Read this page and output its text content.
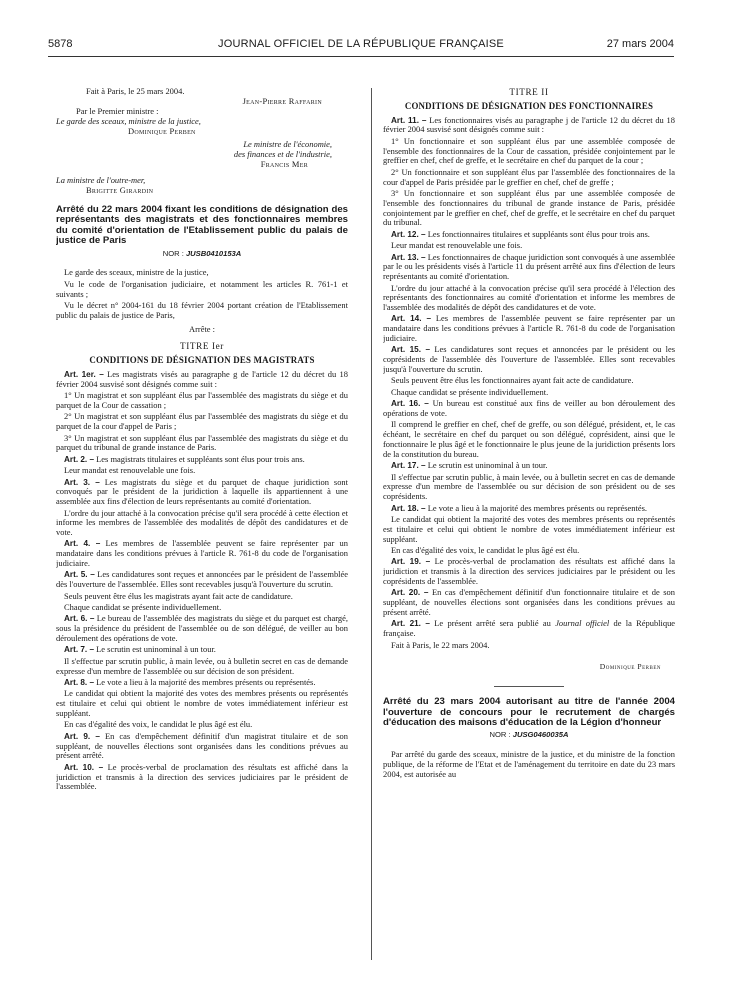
5878	JOURNAL OFFICIEL DE LA RÉPUBLIQUE FRANÇAISE	27 mars 2004

Fait à Paris, le 25 mars 2004.

Jean-Pierre Raffarin

Par le Premier ministre :

Le garde des sceaux, ministre de la justice,

Dominique Perben

Le ministre de l'économie,

des finances et de l'industrie,

Francis Mer

La ministre de l'outre-mer,

Brigitte Girardin

Arrêté du 22 mars 2004 fixant les conditions de désignation des représentants des magistrats et des fonctionnaires membres du comité d'orientation de l'Etablissement public du palais de justice de Paris
NOR : JUSB0410153A

Le garde des sceaux, ministre de la justice,

Vu le code de l'organisation judiciaire, et notamment les articles R. 761-1 et suivants ;

Vu le décret n° 2004-161 du 18 février 2004 portant création de l'Etablissement public du palais de justice de Paris,

Arrête :

TITRE Ier
CONDITIONS DE DÉSIGNATION DES MAGISTRATS

Art. 1er. – Les magistrats visés au paragraphe g de l'article 12 du décret du 18 février 2004 susvisé sont désignés comme suit :

1° Un magistrat et son suppléant élus par l'assemblée des magistrats du siège et du parquet de la Cour de cassation ;

2° Un magistrat et son suppléant élus par l'assemblée des magistrats du siège et du parquet de la cour d'appel de Paris ;

3° Un magistrat et son suppléant élus par l'assemblée des magistrats du siège et du parquet du tribunal de grande instance de Paris.

Art. 2. – Les magistrats titulaires et suppléants sont élus pour trois ans.

Leur mandat est renouvelable une fois.

Art. 3. – Les magistrats du siège et du parquet de chaque juridiction sont convoqués par le président de la juridiction à laquelle ils appartiennent à une assemblée aux fins d'élection de leurs représentants au comité d'orientation.

L'ordre du jour attaché à la convocation précise qu'il sera procédé à cette élection et informe les membres de l'assemblée des modalités de dépôt des candidatures et de vote.

Art. 4. – Les membres de l'assemblée peuvent se faire représenter par un mandataire dans les conditions prévues à l'article R. 761-8 du code de l'organisation judiciaire.

Art. 5. – Les candidatures sont reçues et annoncées par le président de l'assemblée dès l'ouverture de l'assemblée. Elles sont recevables jusqu'à l'ouverture du scrutin.

Seuls peuvent être élus les magistrats ayant fait acte de candidature.

Chaque candidat se présente individuellement.

Art. 6. – Le bureau de l'assemblée des magistrats du siège et du parquet est chargé, sous la présidence du président de l'assemblée ou de son délégué, de veiller au bon déroulement des opérations de vote.

Art. 7. – Le scrutin est uninominal à un tour.

Il s'effectue par scrutin public, à main levée, ou à bulletin secret en cas de demande expresse d'un membre de l'assemblée ou sur décision de son président.

Art. 8. – Le vote a lieu à la majorité des membres présents ou représentés.

Le candidat qui obtient la majorité des votes des membres présents ou représentés est titulaire et celui qui obtient le nombre de votes immédiatement inférieur est suppléant.

En cas d'égalité des voix, le candidat le plus âgé est élu.

Art. 9. – En cas d'empêchement définitif d'un magistrat titulaire et de son suppléant, de nouvelles élections sont organisées dans les conditions prévues au présent arrêté.

Art. 10. – Le procès-verbal de proclamation des résultats est affiché dans la juridiction et transmis à la direction des services judiciaires par le président de l'assemblée.

TITRE II
CONDITIONS DE DÉSIGNATION DES FONCTIONNAIRES

Art. 11. – Les fonctionnaires visés au paragraphe j de l'article 12 du décret du 18 février 2004 susvisé sont désignés comme suit :

1° Un fonctionnaire et son suppléant élus par une assemblée composée de l'ensemble des fonctionnaires de la Cour de cassation, présidée conjointement par le greffier en chef, chef de greffe, et le secrétaire en chef du parquet de la cour ;

2° Un fonctionnaire et son suppléant élus par l'assemblée des fonctionnaires de la cour d'appel de Paris présidée par le greffier en chef, chef de greffe ;

3° Un fonctionnaire et son suppléant élus par une assemblée composée de l'ensemble des fonctionnaires du tribunal de grande instance de Paris, présidée conjointement par le greffier en chef, chef de greffe, et le secrétaire en chef du parquet du tribunal.

Art. 12. – Les fonctionnaires titulaires et suppléants sont élus pour trois ans.

Leur mandat est renouvelable une fois.

Art. 13. – Les fonctionnaires de chaque juridiction sont convoqués à une assemblée par le ou les présidents visés à l'article 11 du présent arrêté aux fins d'élection de leurs représentants au comité d'orientation.

L'ordre du jour attaché à la convocation précise qu'il sera procédé à l'élection des représentants des fonctionnaires au comité d'orientation et informe les membres de l'assemblée des modalités de dépôt des candidatures et de vote.

Art. 14. – Les membres de l'assemblée peuvent se faire représenter par un mandataire dans les conditions prévues à l'article R. 761-8 du code de l'organisation judiciaire.

Art. 15. – Les candidatures sont reçues et annoncées par le président ou les coprésidents de l'assemblée dès l'ouverture de l'assemblée. Elles sont recevables jusqu'à l'ouverture du scrutin.

Seuls peuvent être élus les fonctionnaires ayant fait acte de candidature.

Chaque candidat se présente individuellement.

Art. 16. – Un bureau est constitué aux fins de veiller au bon déroulement des opérations de vote.

Il comprend le greffier en chef, chef de greffe, ou son délégué, président, et, le cas échéant, le secrétaire en chef du parquet ou son délégué, coprésident, ainsi que le fonctionnaire le plus âgé et le fonctionnaire le plus jeune de la juridiction présents lors de la constitution du bureau.

Art. 17. – Le scrutin est uninominal à un tour.

Il s'effectue par scrutin public, à main levée, ou à bulletin secret en cas de demande expresse d'un membre de l'assemblée ou sur décision de son président ou de ses coprésidents.

Art. 18. – Le vote a lieu à la majorité des membres présents ou représentés.

Le candidat qui obtient la majorité des votes des membres présents ou représentés est titulaire et celui qui obtient le nombre de votes immédiatement inférieur est suppléant.

En cas d'égalité des voix, le candidat le plus âgé est élu.

Art. 19. – Le procès-verbal de proclamation des résultats est affiché dans la juridiction et transmis à la direction des services judiciaires par le président ou les coprésidents de l'assemblée.

Art. 20. – En cas d'empêchement définitif d'un fonctionnaire titulaire et de son suppléant, de nouvelles élections sont organisées dans les conditions prévues au présent arrêté.

Art. 21. – Le présent arrêté sera publié au Journal officiel de la République française.

Fait à Paris, le 22 mars 2004.

Dominique Perben

Arrêté du 23 mars 2004 autorisant au titre de l'année 2004 l'ouverture de concours pour le recrutement de chargés d'éducation des maisons d'éducation de la Légion d'honneur
NOR : JUSG0460035A

Par arrêté du garde des sceaux, ministre de la justice, et du ministre de la fonction publique, de la réforme de l'Etat et de l'aménagement du territoire en date du 23 mars 2004, est autorisée au
